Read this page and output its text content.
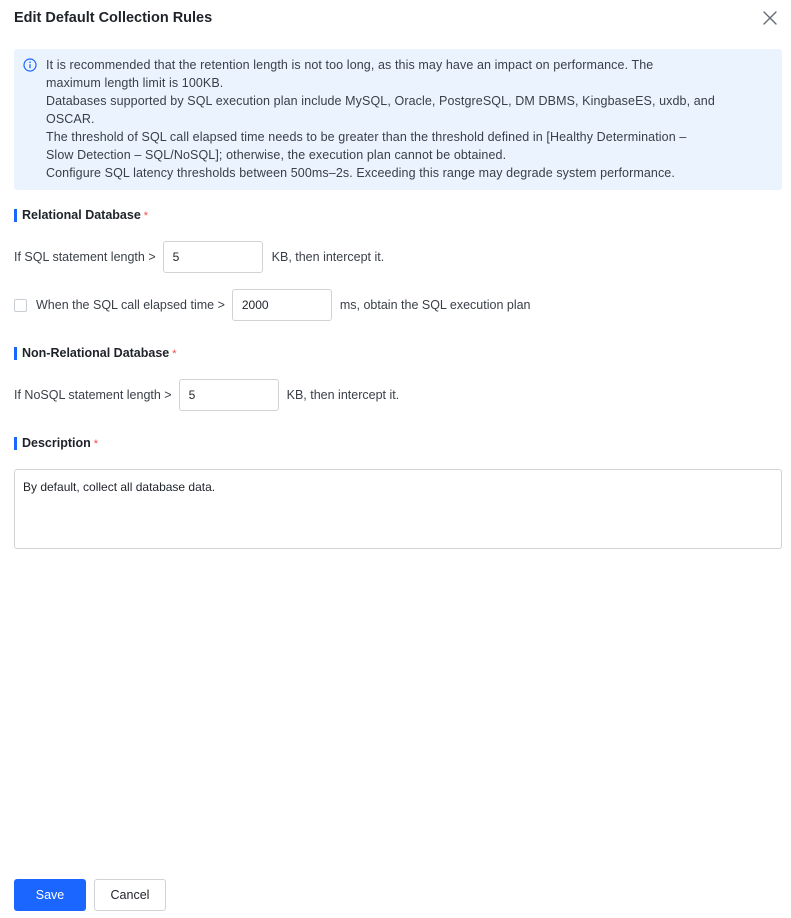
Edit Default Collection Rules
It is recommended that the retention length is not too long, as this may have an impact on performance. The
maximum length limit is 100KB.
Databases supported by SQL execution plan include MySQL, Oracle, PostgreSQL, DM DBMS, KingbaseES, uxdb, and
OSCAR.
The threshold of SQL call elapsed time needs to be greater than the threshold defined in [Healthy Determination –
Slow Detection – SQL/NoSQL]; otherwise, the execution plan cannot be obtained.
Configure SQL latency thresholds between 500ms–2s. Exceeding this range may degrade system performance.
Relational Database *
If SQL statement length >	5	KB, then intercept it.
When the SQL call elapsed time >	2000	ms, obtain the SQL execution plan
Non-Relational Database *
If NoSQL statement length >	5	KB, then intercept it.
Description *
By default, collect all database data.
Save	Cancel
